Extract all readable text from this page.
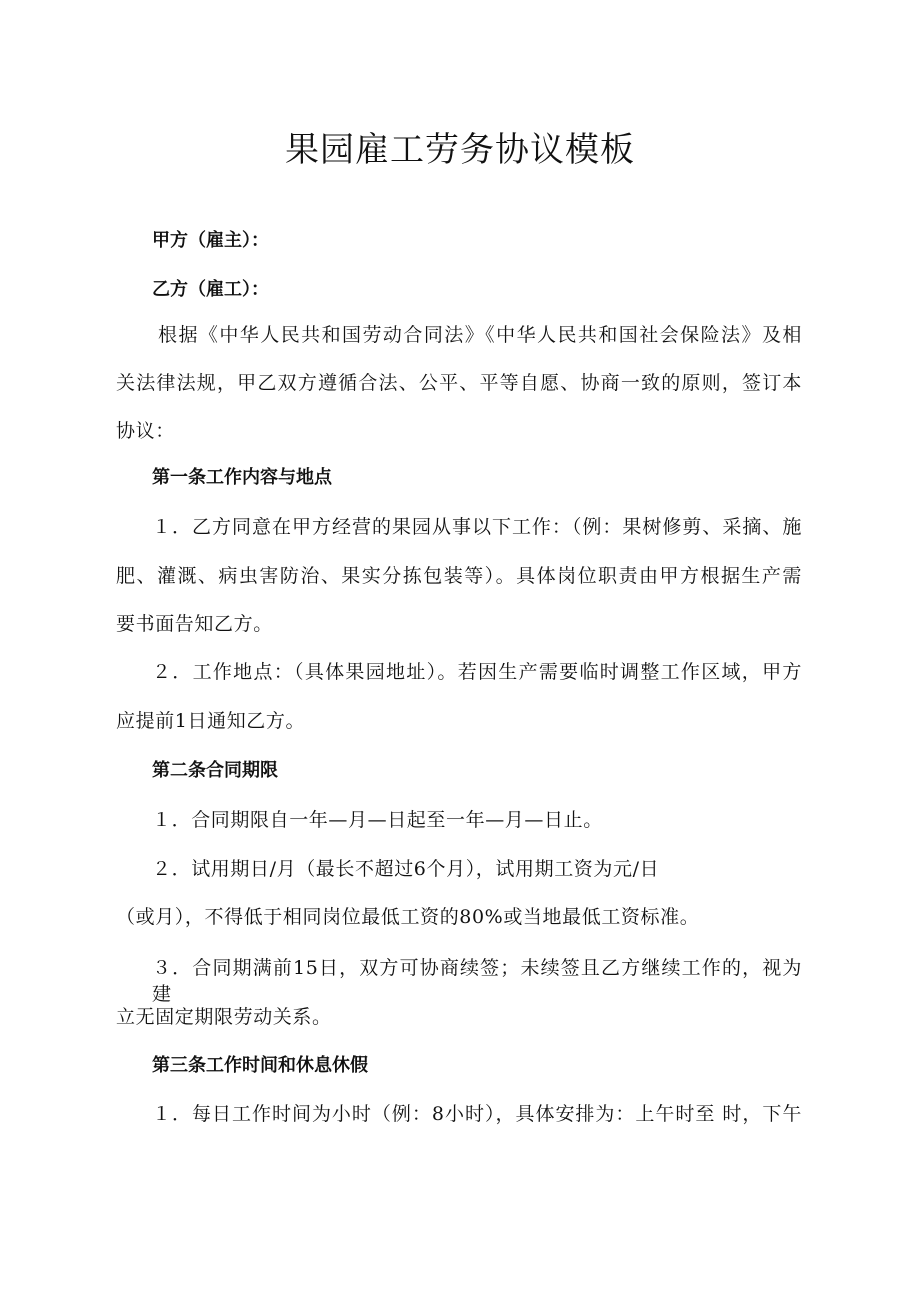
果园雇工劳务协议模板

甲方（雇主）：

乙方（雇工）：

根据《中华人民共和国劳动合同法》《中华人民共和国社会保险法》及相

关法律法规，甲乙双方遵循合法、公平、平等自愿、协商一致的原则，签订本

协议：

第一条工作内容与地点

１．乙方同意在甲方经营的果园从事以下工作：（例：果树修剪、采摘、施

肥、灌溉、病虫害防治、果实分拣包装等）。具体岗位职责由甲方根据生产需

要书面告知乙方。

２．工作地点：（具体果园地址）。若因生产需要临时调整工作区域，甲方

应提前1日通知乙方。

第二条合同期限

１．合同期限自一年—月—日起至一年—月—日止。

２．试用期日/月（最长不超过6个月），试用期工资为元/日

（或月），不得低于相同岗位最低工资的80%或当地最低工资标准。

３．合同期满前15日，双方可协商续签；未续签且乙方继续工作的，视为建

立无固定期限劳动关系。

第三条工作时间和休息休假

１．每日工作时间为小时（例：8小时），具体安排为：上午时至 时，下午
